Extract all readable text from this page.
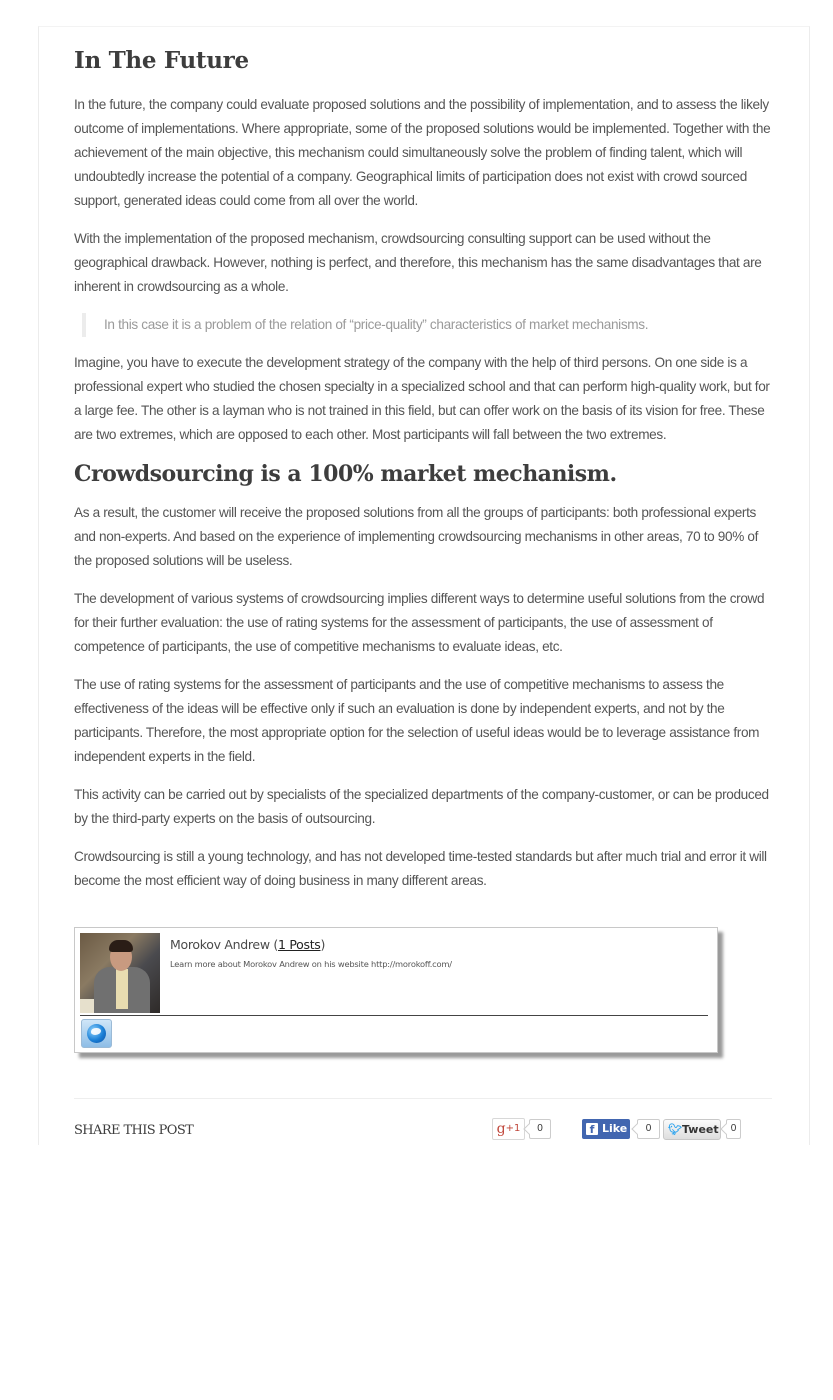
In The Future

In the future, the company could evaluate proposed solutions and the possibility of implementation, and to assess the likely outcome of implementations. Where appropriate, some of the proposed solutions would be implemented. Together with the achievement of the main objective, this mechanism could simultaneously solve the problem of finding talent, which will undoubtedly increase the potential of a company. Geographical limits of participation does not exist with crowd sourced support, generated ideas could come from all over the world.

With the implementation of the proposed mechanism, crowdsourcing consulting support can be used without the geographical drawback. However, nothing is perfect, and therefore, this mechanism has the same disadvantages that are inherent in crowdsourcing as a whole.

In this case it is a problem of the relation of “price-quality” characteristics of market mechanisms.

Imagine, you have to execute the development strategy of the company with the help of third persons. On one side is a professional expert who studied the chosen specialty in a specialized school and that can perform high-quality work, but for a large fee. The other is a layman who is not trained in this field, but can offer work on the basis of its vision for free. These are two extremes, which are opposed to each other. Most participants will fall between the two extremes.

Crowdsourcing is a 100% market mechanism.

As a result, the customer will receive the proposed solutions from all the groups of participants: both professional experts and non-experts. And based on the experience of implementing crowdsourcing mechanisms in other areas, 70 to 90% of the proposed solutions will be useless.

The development of various systems of crowdsourcing implies different ways to determine useful solutions from the crowd for their further evaluation: the use of rating systems for the assessment of participants, the use of assessment of competence of participants, the use of competitive mechanisms to evaluate ideas, etc.

The use of rating systems for the assessment of participants and the use of competitive mechanisms to assess the effectiveness of the ideas will be effective only if such an evaluation is done by independent experts, and not by the participants. Therefore, the most appropriate option for the selection of useful ideas would be to leverage assistance from independent experts in the field.

This activity can be carried out by specialists of the specialized departments of the company-customer, or can be produced by the third-party experts on the basis of outsourcing.

Crowdsourcing is still a young technology, and has not developed time-tested standards but after much trial and error it will become the most efficient way of doing business in many different areas.

Morokov Andrew (1 Posts)
Learn more about Morokov Andrew on his website http://morokoff.com/
SHARE THIS POST	g+1	0	f Like	0	🐦︎ Tweet	0
